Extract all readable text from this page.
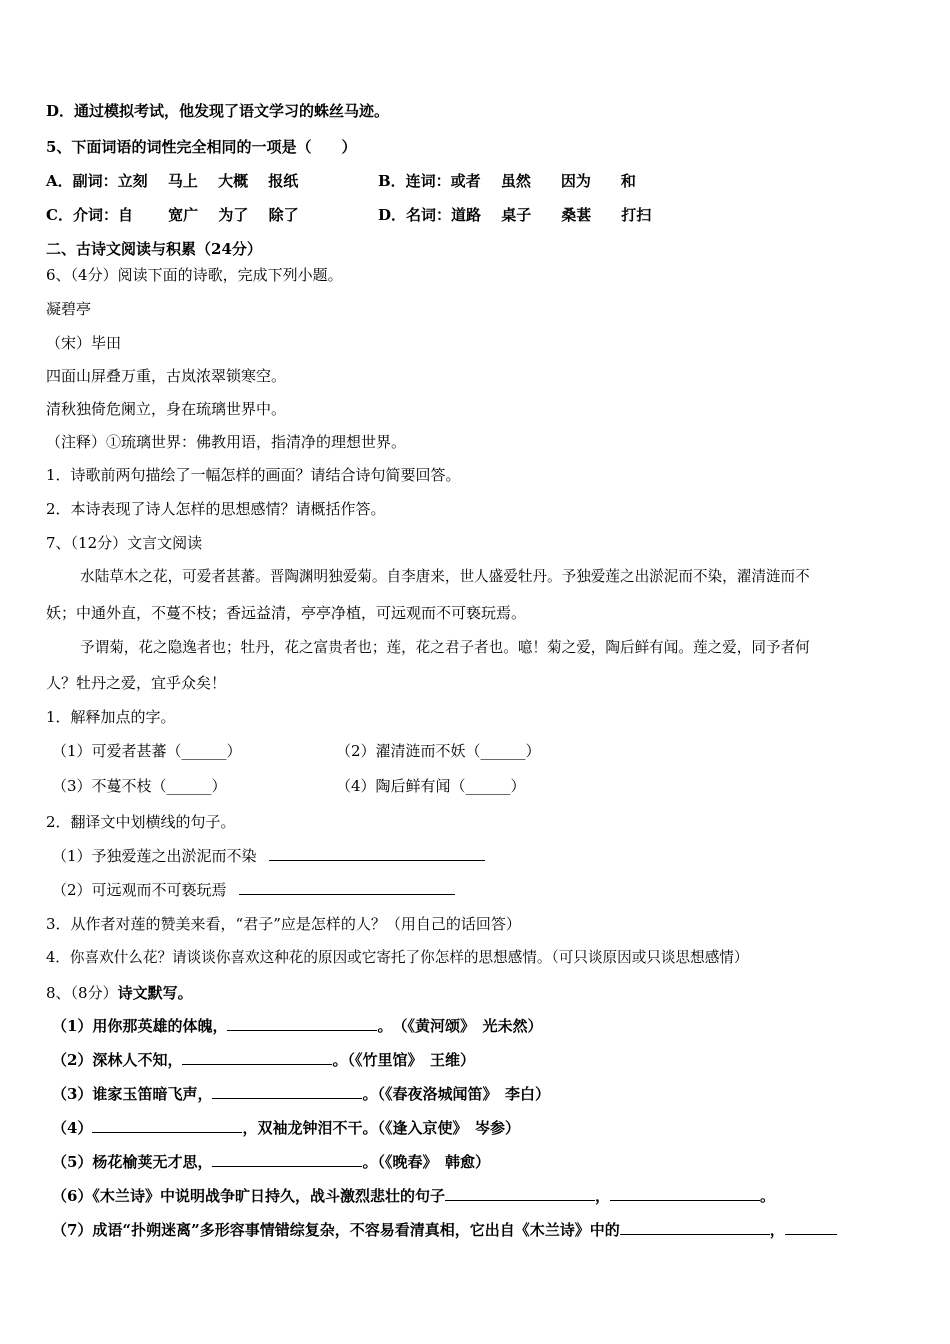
D．通过模拟考试，他发现了语文学习的蛛丝马迹。
5、下面词语的词性完全相同的一项是（　　）
A．副词：立刻　 马上　 大概　 报纸	B．连词：或者　 虽然　　因为　　和
C．介词：自　　 宽广　 为了　 除了	D．名词：道路　 桌子　　桑葚　　打扫
二、古诗文阅读与积累（24分）
6、（4分）阅读下面的诗歌，完成下列小题。
凝碧亭
（宋）毕田
四面山屏叠万重，古岚浓翠锁寒空。
清秋独倚危阑立，身在琉璃世界中。
（注释）①琉璃世界：佛教用语，指清净的理想世界。
1．诗歌前两句描绘了一幅怎样的画面？请结合诗句简要回答。
2．本诗表现了诗人怎样的思想感情？请概括作答。
7、（12分）文言文阅读
水陆草木之花，可爱者甚蕃。晋陶渊明独爱菊。自李唐来，世人盛爱牡丹。予独爱莲之出淤泥而不染，濯清涟而不
妖；中通外直，不蔓不枝；香远益清，亭亭净植，可远观而不可亵玩焉。
予谓菊，花之隐逸者也；牡丹，花之富贵者也；莲，花之君子者也。噫！菊之爱，陶后鲜有闻。莲之爱，同予者何
人？牡丹之爱，宜乎众矣！
1．解释加点的字。
（1）可爱者甚蕃（______）	（2）濯清涟而不妖（______）
（3）不蔓不枝（______）	（4）陶后鲜有闻（______）
2．翻译文中划横线的句子。
（1）予独爱莲之出淤泥而不染
（2）可远观而不可亵玩焉
3．从作者对莲的赞美来看，“君子”应是怎样的人？（用自己的话回答）
4．你喜欢什么花？请谈谈你喜欢这种花的原因或它寄托了你怎样的思想感情。（可只谈原因或只谈思想感情）
8、（8分）诗文默写。
（1）用你那英雄的体魄，	。　（《黄河颂》　光未然）
（2）深林人不知，	。（《竹里馆》　王维）
（3）谁家玉笛暗飞声，	。（《春夜洛城闻笛》　李白）
（4）	，双袖龙钟泪不干。（《逢入京使》　岑参）
（5）杨花榆荚无才思，	。（《晚春》　韩愈）
（6）《木兰诗》中说明战争旷日持久，战斗激烈悲壮的句子	，	。
（7）成语“扑朔迷离”多形容事情错综复杂，不容易看清真相，它出自《木兰诗》中的	，
